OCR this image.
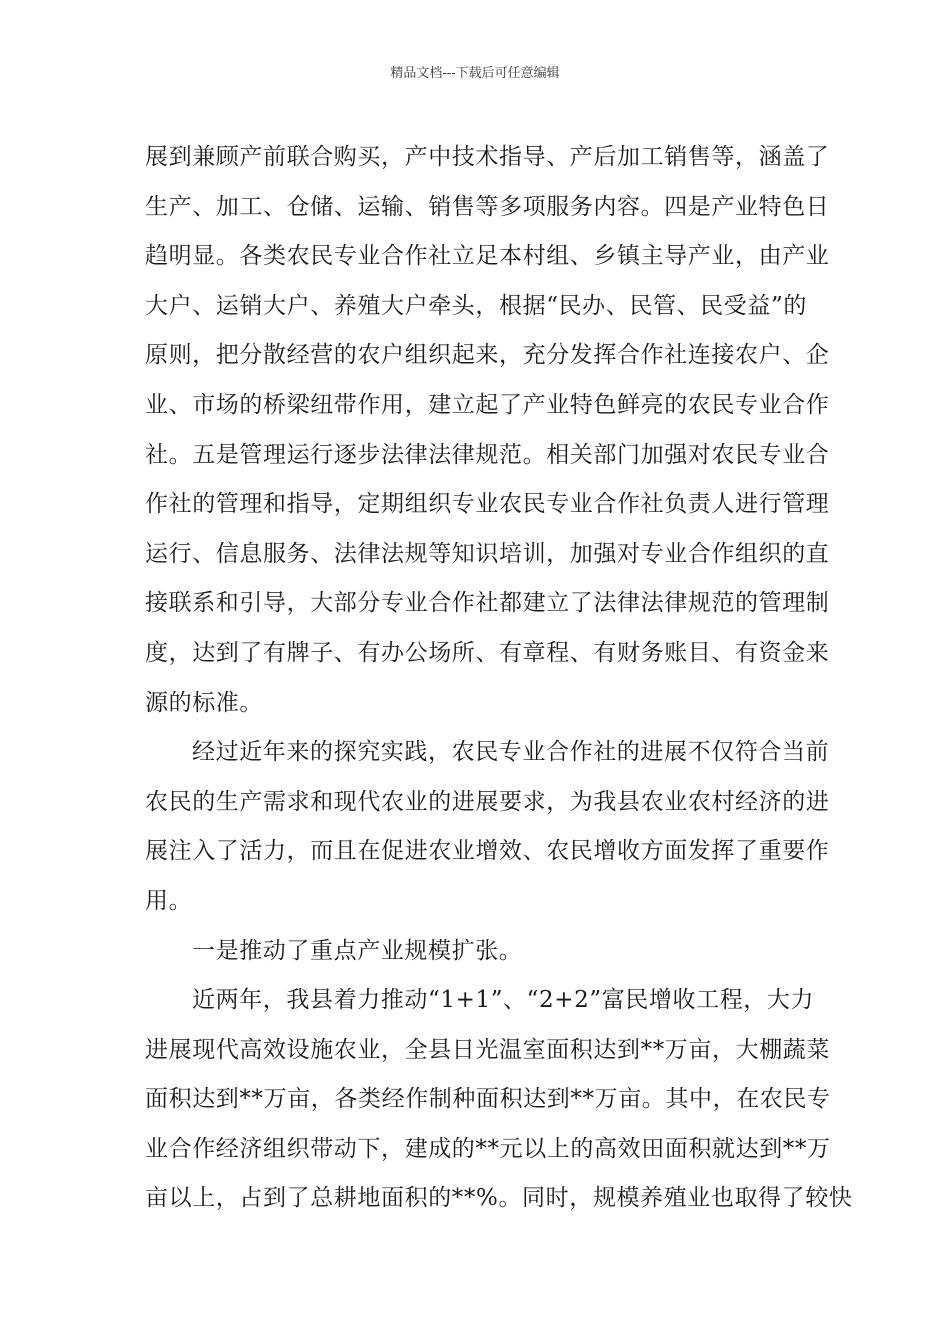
精品文档---下载后可任意编辑

展到兼顾产前联合购买，产中技术指导、产后加工销售等，涵盖了
生产、加工、仓储、运输、销售等多项服务内容。四是产业特色日
趋明显。各类农民专业合作社立足本村组、乡镇主导产业，由产业
大户、运销大户、养殖大户牵头，根据“民办、民管、民受益”的
原则，把分散经营的农户组织起来，充分发挥合作社连接农户、企
业、市场的桥梁纽带作用，建立起了产业特色鲜亮的农民专业合作
社。五是管理运行逐步法律法律规范。相关部门加强对农民专业合
作社的管理和指导，定期组织专业农民专业合作社负责人进行管理
运行、信息服务、法律法规等知识培训，加强对专业合作组织的直
接联系和引导，大部分专业合作社都建立了法律法律规范的管理制
度，达到了有牌子、有办公场所、有章程、有财务账目、有资金来
源的标准。

经过近年来的探究实践，农民专业合作社的进展不仅符合当前
农民的生产需求和现代农业的进展要求，为我县农业农村经济的进
展注入了活力，而且在促进农业增效、农民增收方面发挥了重要作
用。

一是推动了重点产业规模扩张。

近两年，我县着力推动“1+1”、“2+2”富民增收工程，大力
进展现代高效设施农业，全县日光温室面积达到**万亩，大棚蔬菜
面积达到**万亩，各类经作制种面积达到**万亩。其中，在农民专
业合作经济组织带动下，建成的**元以上的高效田面积就达到**万
亩以上，占到了总耕地面积的**%。同时，规模养殖业也取得了较快
